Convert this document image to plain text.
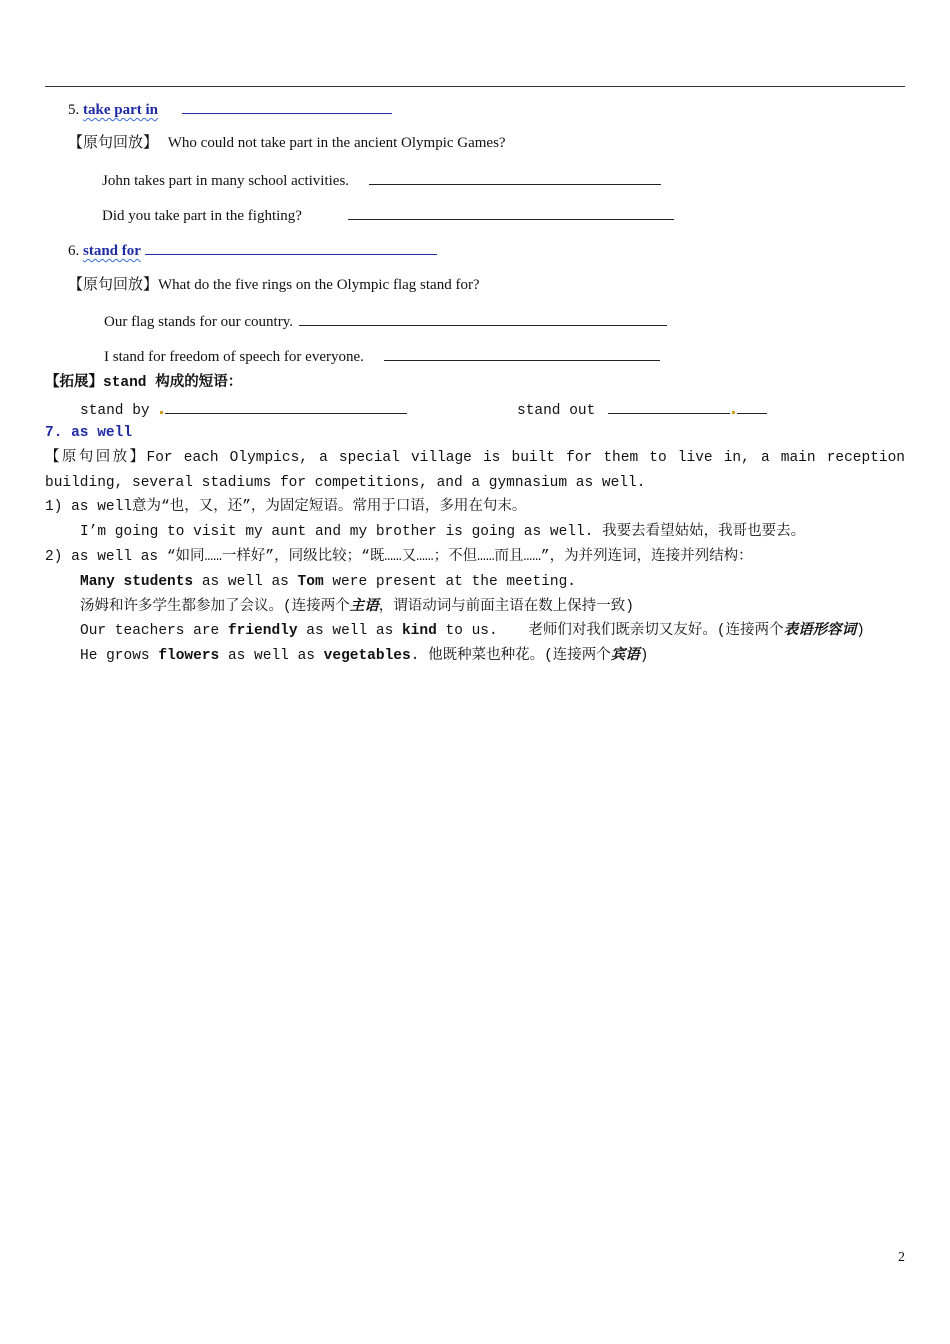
5. take part in
【原句回放】 Who could not take part in the ancient Olympic Games?
John takes part in many school activities.
Did you take part in the fighting?
6. stand for
【原句回放】What do the five rings on the Olympic flag stand for?
Our flag stands for our country.
I stand for freedom of speech for everyone.
【拓展】stand 构成的短语：
stand by	stand out
7. as well
【原句回放】For each Olympics, a special village is built for them to live in, a main reception
building, several stadiums for competitions, and a gymnasium as well.
1) as well意为“也，又，还”，为固定短语。常用于口语，多用在句末。
I’m going to visit my aunt and my brother is going as well. 我要去看望姑姑，我哥也要去。
2) as well as “如同……一样好”，同级比较；“既……又……；不但……而且……”，为并列连词，连接并列结构：
Many students as well as Tom were present at the meeting.
汤姆和许多学生都参加了会议。(连接两个主语，谓语动词与前面主语在数上保持一致)
Our teachers are friendly as well as kind to us. 老师们对我们既亲切又友好。(连接两个表语形容词)
He grows flowers as well as vegetables. 他既种菜也种花。(连接两个宾语)
2
